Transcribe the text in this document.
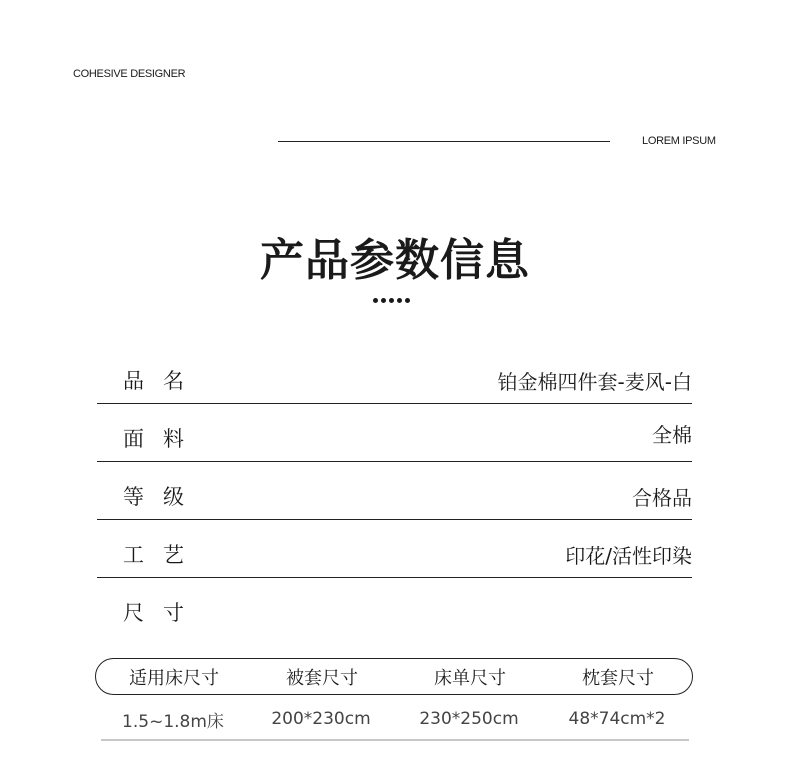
COHESIVE DESIGNER
LOREM IPSUM
产品参数信息
品名	铂金棉四件套-麦风-白
面料	全棉
等级	合格品
工艺	印花/活性印染
尺寸
适用床尺寸	被套尺寸	床单尺寸	枕套尺寸
1.5~1.8m床	200*230cm	230*250cm	48*74cm*2
